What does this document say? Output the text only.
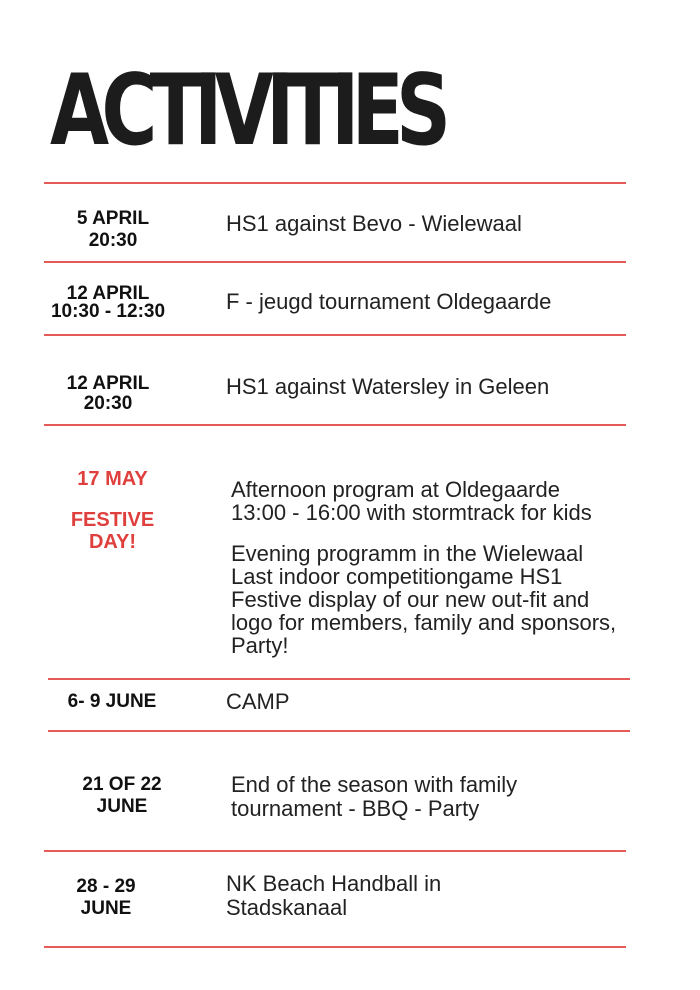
ACTIVITIES
5 APRIL
20:30
HS1 against Bevo - Wielewaal
12 APRIL
10:30 - 12:30	F - jeugd tournament Oldegaarde
12 APRIL
20:30
HS1 against Watersley in Geleen
17 MAY
FESTIVE
DAY!

Afternoon program at Oldegaarde

13:00 - 16:00 with stormtrack for kids

Evening programm in the Wielewaal

Last indoor competitiongame HS1

Festive display of our new out-fit and

logo for members, family and sponsors,

Party!

6- 9 JUNE	CAMP
21 OF 22
JUNE

End of the season with family

tournament - BBQ - Party

28 - 29
JUNE

NK Beach Handball in

Stadskanaal
